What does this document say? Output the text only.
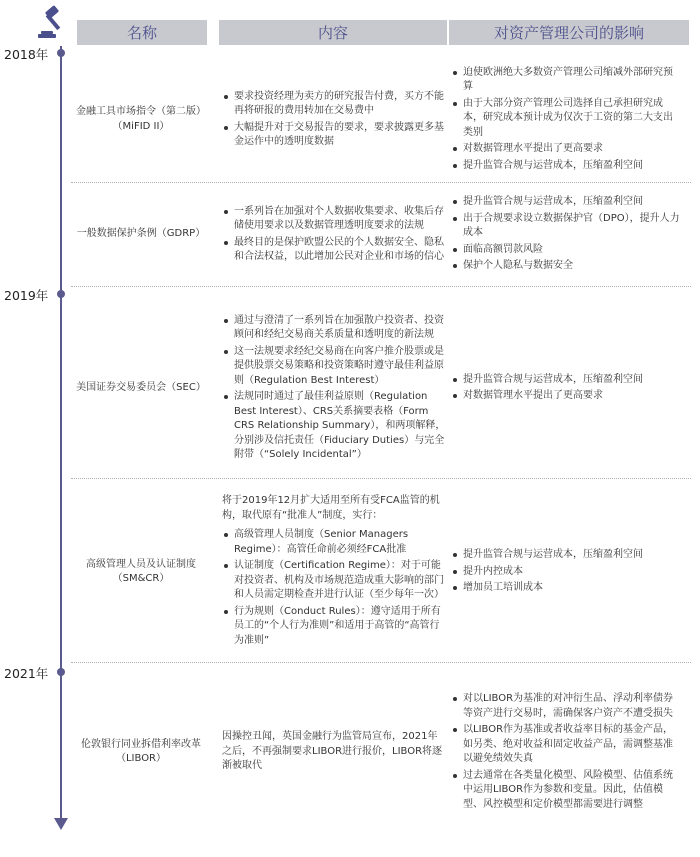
名称	内容	对资产管理公司的影响
2018年
2019年
2021年
金融工具市场指令（第二版）
（MiFID II）
要求投资经理为卖方的研究报告付费，买方不能再将研报的费用转加在交易费中
大幅提升对于交易报告的要求，要求披露更多基金运作中的透明度数据
迫使欧洲绝大多数资产管理公司缩减外部研究预算
由于大部分资产管理公司选择自己承担研究成本，研究成本预计成为仅次于工资的第二大支出类别
对数据管理水平提出了更高要求
提升监管合规与运营成本，压缩盈利空间
一般数据保护条例（GDRP）
一系列旨在加强对个人数据收集要求、收集后存储使用要求以及数据管理透明度要求的法规
最终目的是保护欧盟公民的个人数据安全、隐私和合法权益，以此增加公民对企业和市场的信心
提升监管合规与运营成本，压缩盈利空间
出于合规要求设立数据保护官（DPO），提升人力成本
面临高额罚款风险
保护个人隐私与数据安全
美国证券交易委员会（SEC）
通过与澄清了一系列旨在加强散户投资者、投资顾问和经纪交易商关系质量和透明度的新法规
这一法规要求经纪交易商在向客户推介股票或是提供股票交易策略和投资策略时遵守最佳利益原则（Regulation Best Interest）
法规同时通过了最佳利益原则（Regulation Best Interest）、CRS关系摘要表格（Form CRS Relationship Summary），和两项解释，分别涉及信托责任（Fiduciary Duties）与完全附带（“Solely Incidental”）
提升监管合规与运营成本，压缩盈利空间
对数据管理水平提出了更高要求
高级管理人员及认证制度
（SM&CR）
将于2019年12月扩大适用至所有受FCA监管的机构，取代原有“批准人”制度，实行：
高级管理人员制度（Senior Managers Regime）：高管任命前必须经FCA批准
认证制度（Certification Regime）：对于可能对投资者、机构及市场规范造成重大影响的部门和人员需定期检查并进行认证（至少每年一次）
行为规则（Conduct Rules）：遵守适用于所有员工的“个人行为准则”和适用于高管的“高管行为准则”
提升监管合规与运营成本，压缩盈利空间
提升内控成本
增加员工培训成本
伦敦银行同业拆借利率改革
（LIBOR）
因操控丑闻，英国金融行为监管局宣布，2021年之后，不再强制要求LIBOR进行报价，LIBOR将逐渐被取代
对以LIBOR为基准的对冲衍生品、浮动利率债券等资产进行交易时，需确保客户资产不遭受损失
以LIBOR作为基准或者收益率目标的基金产品，如另类、绝对收益和固定收益产品，需调整基准以避免绩效失真
过去通常在各类量化模型、风险模型、估值系统中运用LIBOR作为参数和变量。因此，估值模型、风控模型和定价模型都需要进行调整
